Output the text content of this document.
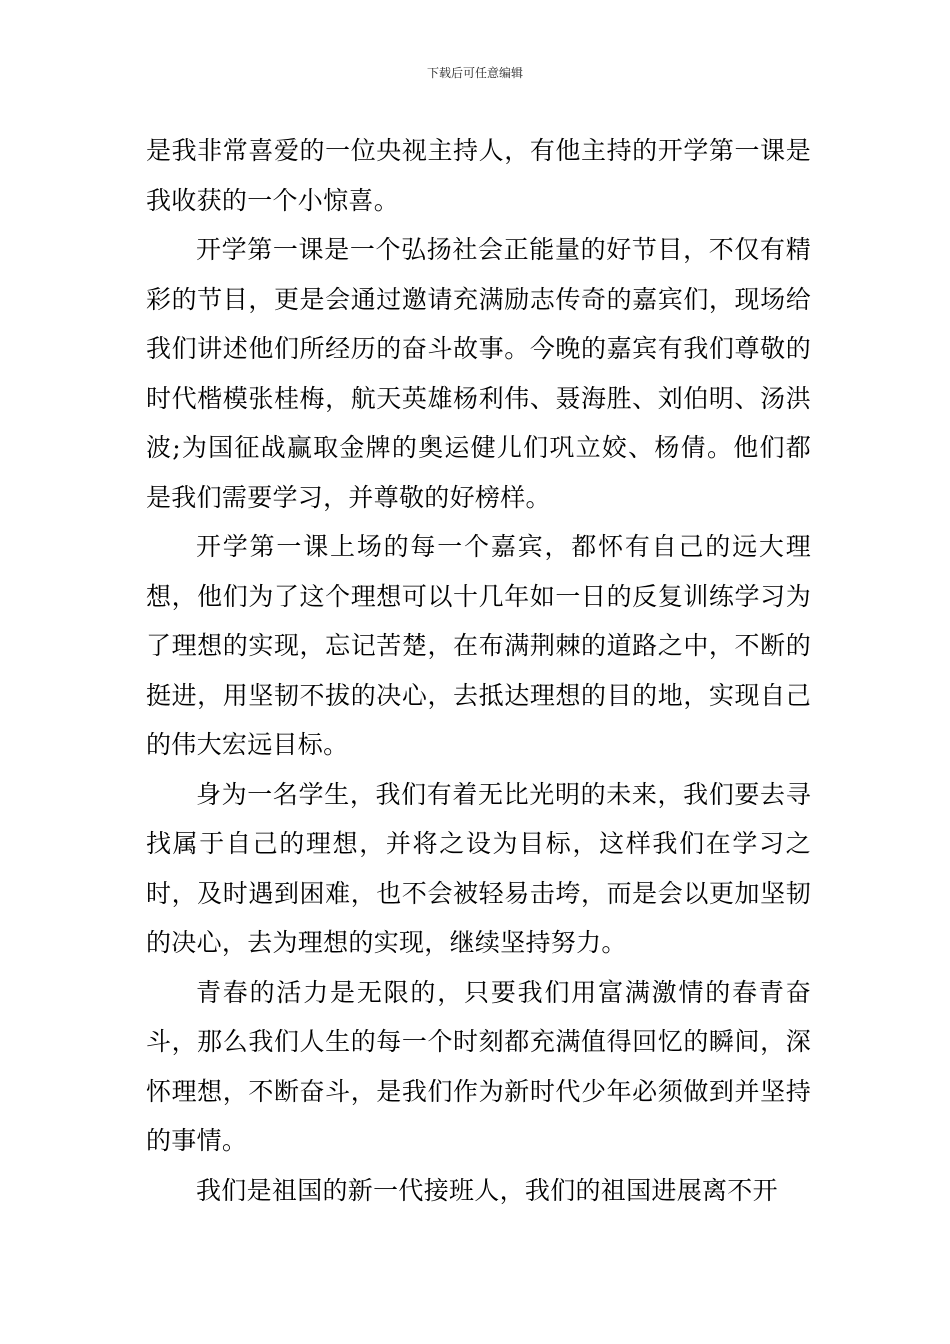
下载后可任意编辑

是我非常喜爱的一位央视主持人，有他主持的开学第一课是我收获的一个小惊喜。

开学第一课是一个弘扬社会正能量的好节目，不仅有精彩的节目，更是会通过邀请充满励志传奇的嘉宾们，现场给我们讲述他们所经历的奋斗故事。今晚的嘉宾有我们尊敬的时代楷模张桂梅，航天英雄杨利伟、聂海胜、刘伯明、汤洪波;为国征战赢取金牌的奥运健儿们巩立姣、杨倩。他们都是我们需要学习，并尊敬的好榜样。

开学第一课上场的每一个嘉宾，都怀有自己的远大理想，他们为了这个理想可以十几年如一日的反复训练学习为了理想的实现，忘记苦楚，在布满荆棘的道路之中，不断的挺进，用坚韧不拔的决心，去抵达理想的目的地，实现自己的伟大宏远目标。

身为一名学生，我们有着无比光明的未来，我们要去寻找属于自己的理想，并将之设为目标，这样我们在学习之时，及时遇到困难，也不会被轻易击垮，而是会以更加坚韧的决心，去为理想的实现，继续坚持努力。

青春的活力是无限的，只要我们用富满激情的春青奋斗，那么我们人生的每一个时刻都充满值得回忆的瞬间，深怀理想，不断奋斗，是我们作为新时代少年必须做到并坚持的事情。

我们是祖国的新一代接班人，我们的祖国进展离不开
